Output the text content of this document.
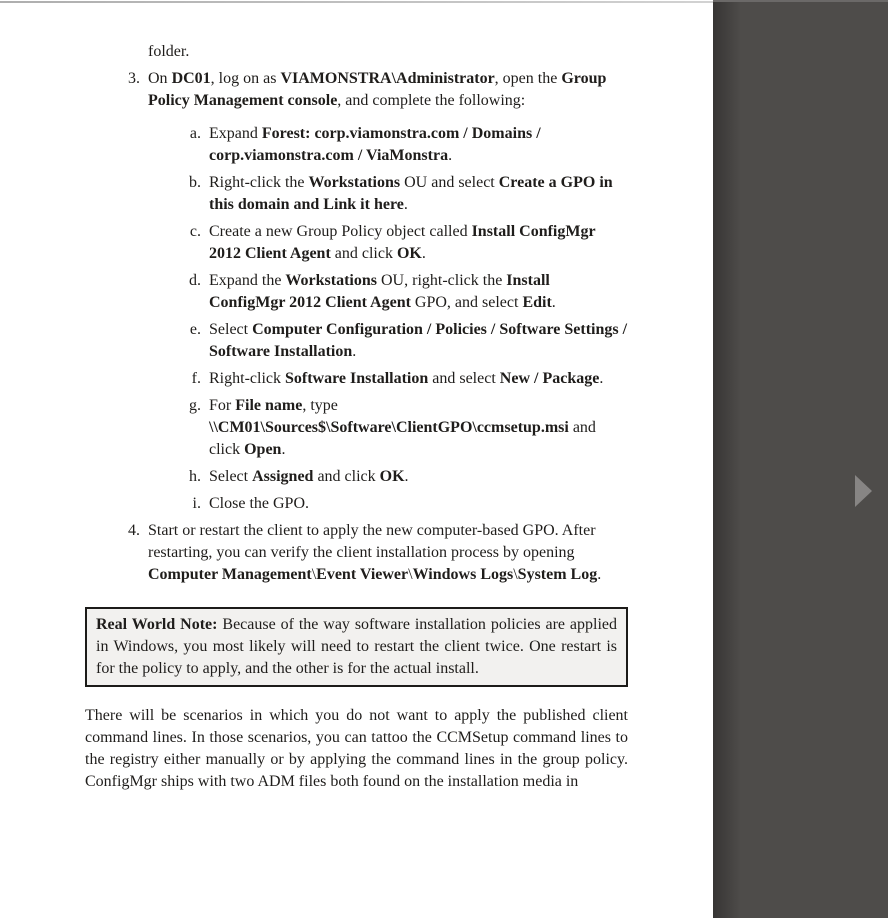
folder.

3. On DC01, log on as VIAMONSTRA\Administrator, open the Group Policy Management console, and complete the following:
a. Expand Forest: corp.viamonstra.com / Domains / corp.viamonstra.com / ViaMonstra.
b. Right-click the Workstations OU and select Create a GPO in this domain and Link it here.
c. Create a new Group Policy object called Install ConfigMgr 2012 Client Agent and click OK.
d. Expand the Workstations OU, right-click the Install ConfigMgr 2012 Client Agent GPO, and select Edit.
e. Select Computer Configuration / Policies / Software Settings / Software Installation.
f. Right-click Software Installation and select New / Package.
g. For File name, type \\CM01\Sources$\Software\ClientGPO\ccmsetup.msi and click Open.
h. Select Assigned and click OK.
i. Close the GPO.
4. Start or restart the client to apply the new computer-based GPO. After restarting, you can verify the client installation process by opening Computer Management\Event Viewer\Windows Logs\System Log.

Real World Note: Because of the way software installation policies are applied in Windows, you most likely will need to restart the client twice. One restart is for the policy to apply, and the other is for the actual install.

There will be scenarios in which you do not want to apply the published client command lines. In those scenarios, you can tattoo the CCMSetup command lines to the registry either manually or by applying the command lines in the group policy. ConfigMgr ships with two ADM files both found on the installation media in
